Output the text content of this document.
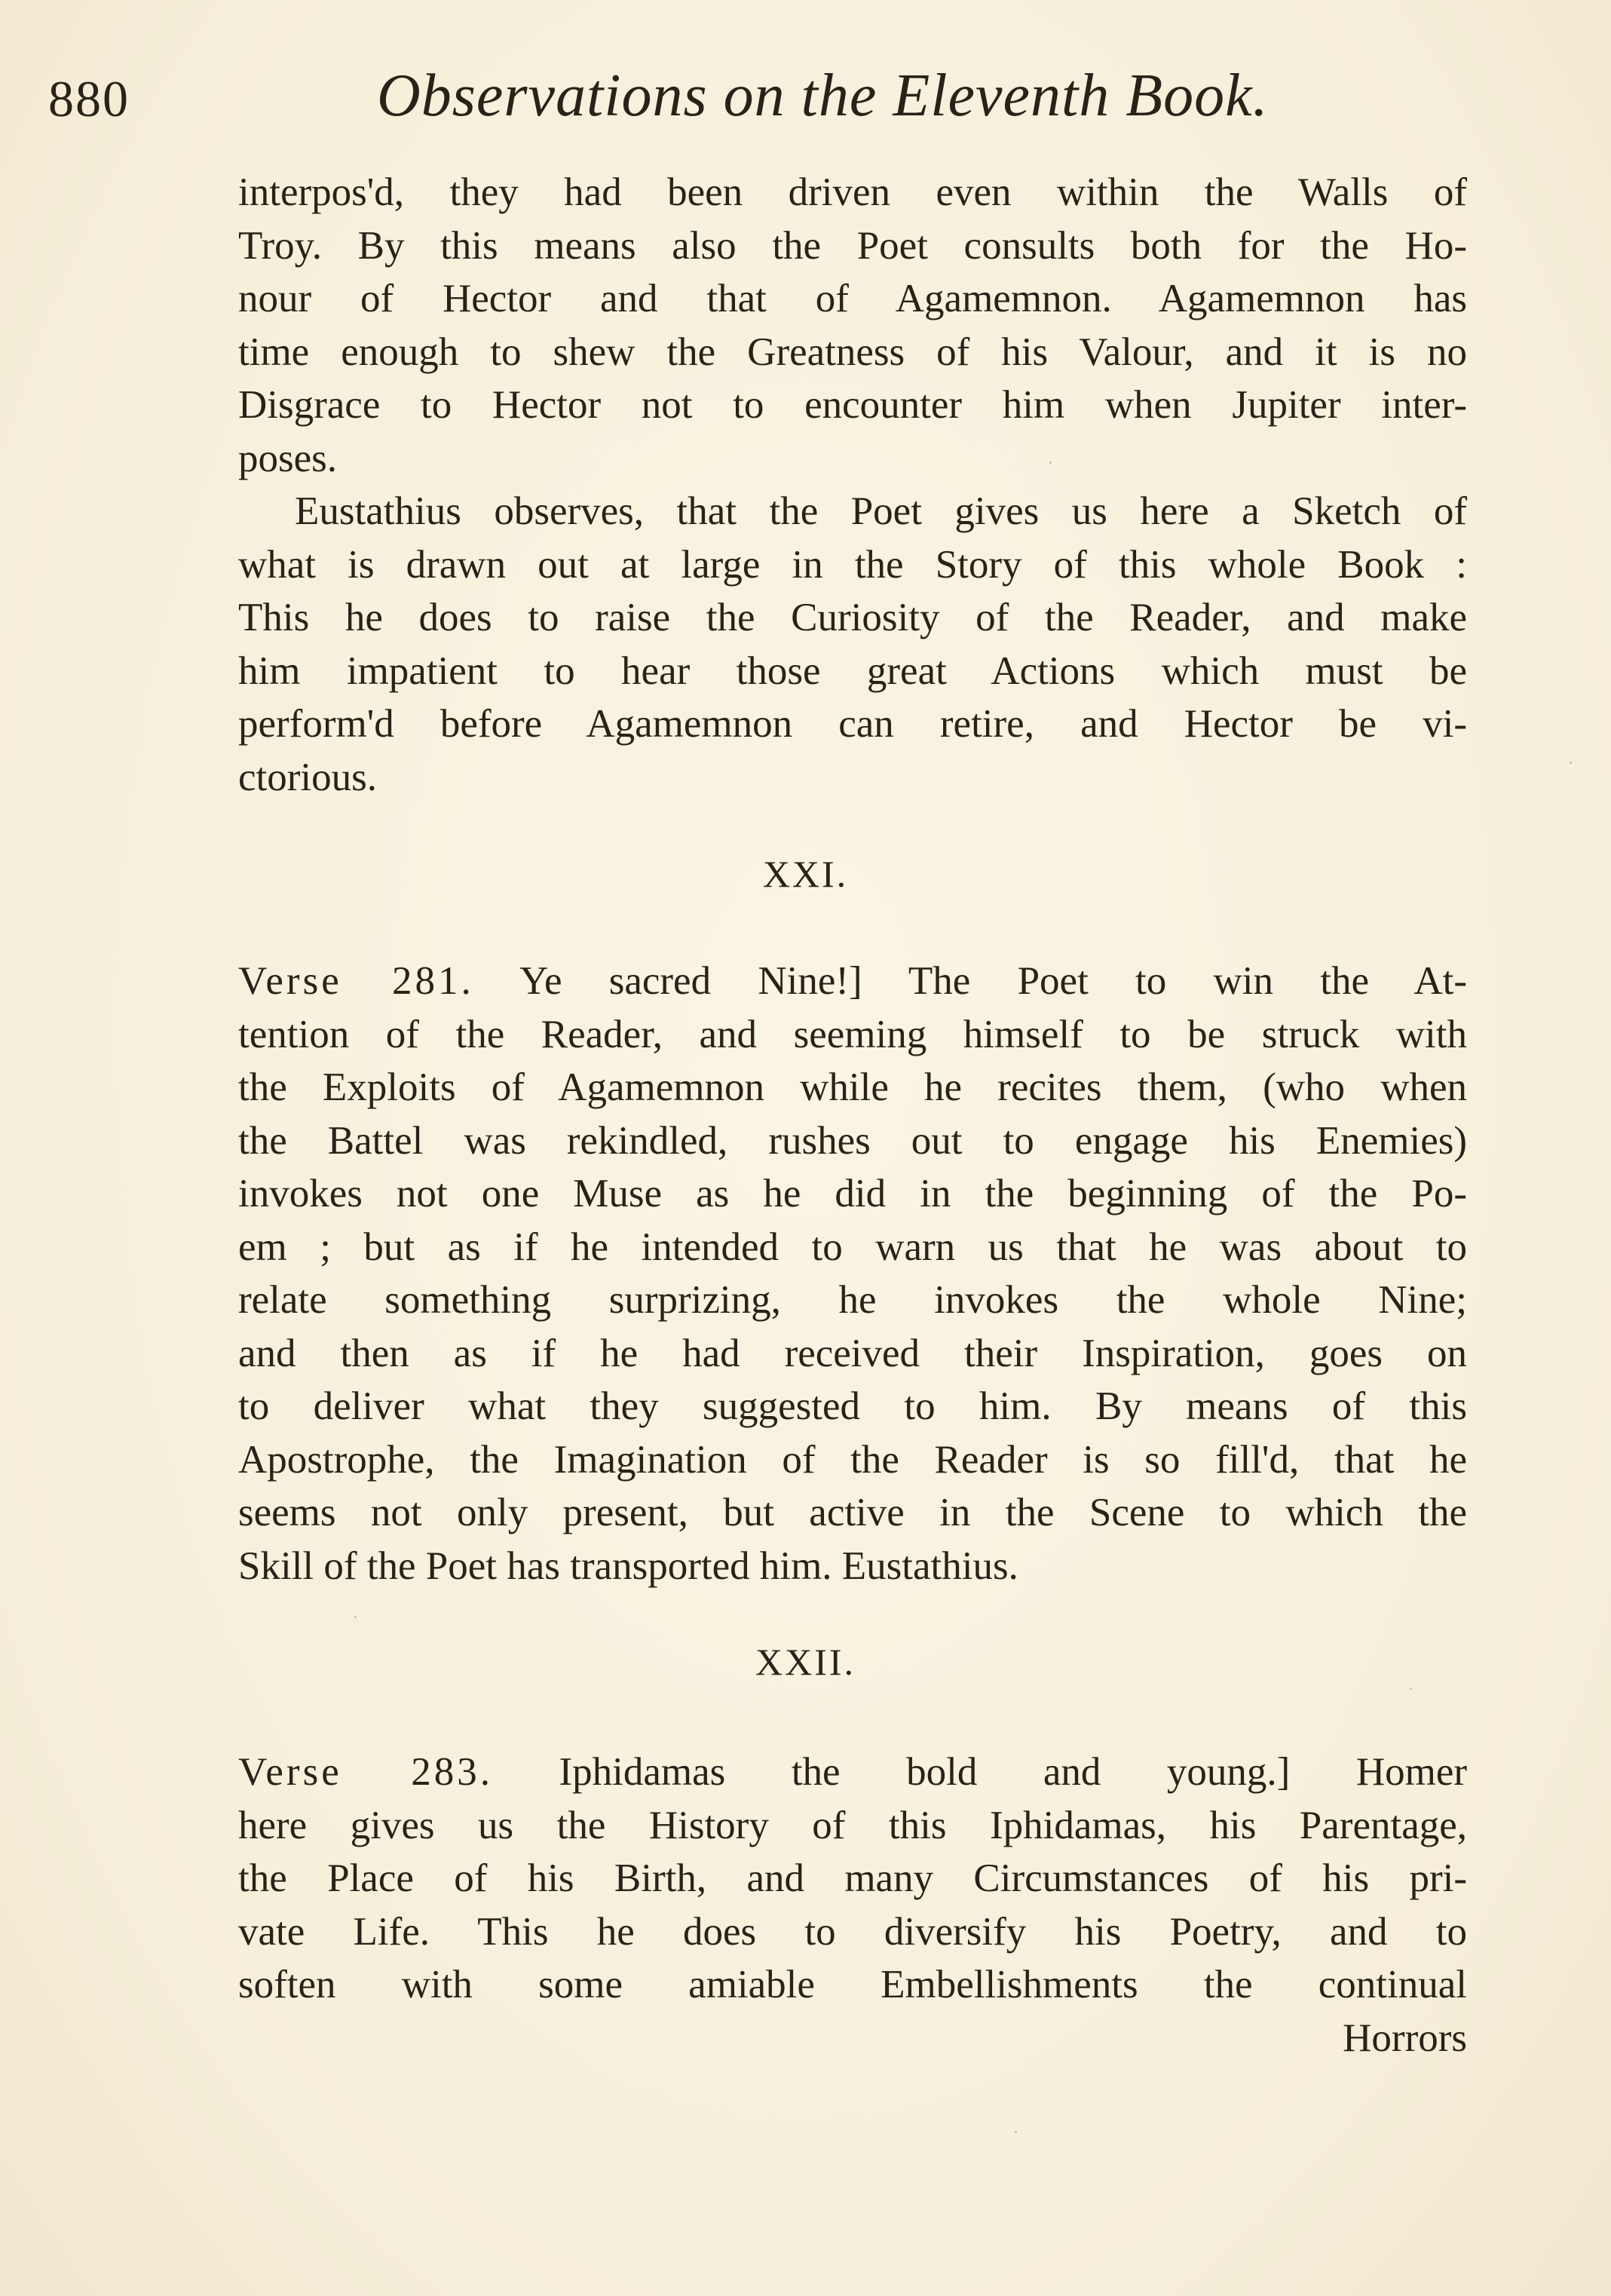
880	Observations on the Eleventh Book.
interpos'd, they had been driven even within the Walls of
Troy. By this means also the Poet consults both for the Ho-
nour of Hector and that of Agamemnon. Agamemnon has
time enough to shew the Greatness of his Valour, and it is no
Disgrace to Hector not to encounter him when Jupiter inter-
poses.
Eustathius observes, that the Poet gives us here a Sketch of
what is drawn out at large in the Story of this whole Book :
This he does to raise the Curiosity of the Reader, and make
him impatient to hear those great Actions which must be
perform'd before Agamemnon can retire, and Hector be vi-
ctorious.
XXI.
Verse 281. Ye sacred Nine!] The Poet to win the At-
tention of the Reader, and seeming himself to be struck with
the Exploits of Agamemnon while he recites them, (who when
the Battel was rekindled, rushes out to engage his Enemies)
invokes not one Muse as he did in the beginning of the Po-
em ; but as if he intended to warn us that he was about to
relate something surprizing, he invokes the whole Nine;
and then as if he had received their Inspiration, goes on
to deliver what they suggested to him. By means of this
Apostrophe, the Imagination of the Reader is so fill'd, that he
seems not only present, but active in the Scene to which the
Skill of the Poet has transported him. Eustathius.
XXII.
Verse 283. Iphidamas the bold and young.] Homer
here gives us the History of this Iphidamas, his Parentage,
the Place of his Birth, and many Circumstances of his pri-
vate Life. This he does to diversify his Poetry, and to
soften with some amiable Embellishments the continual
Horrors
